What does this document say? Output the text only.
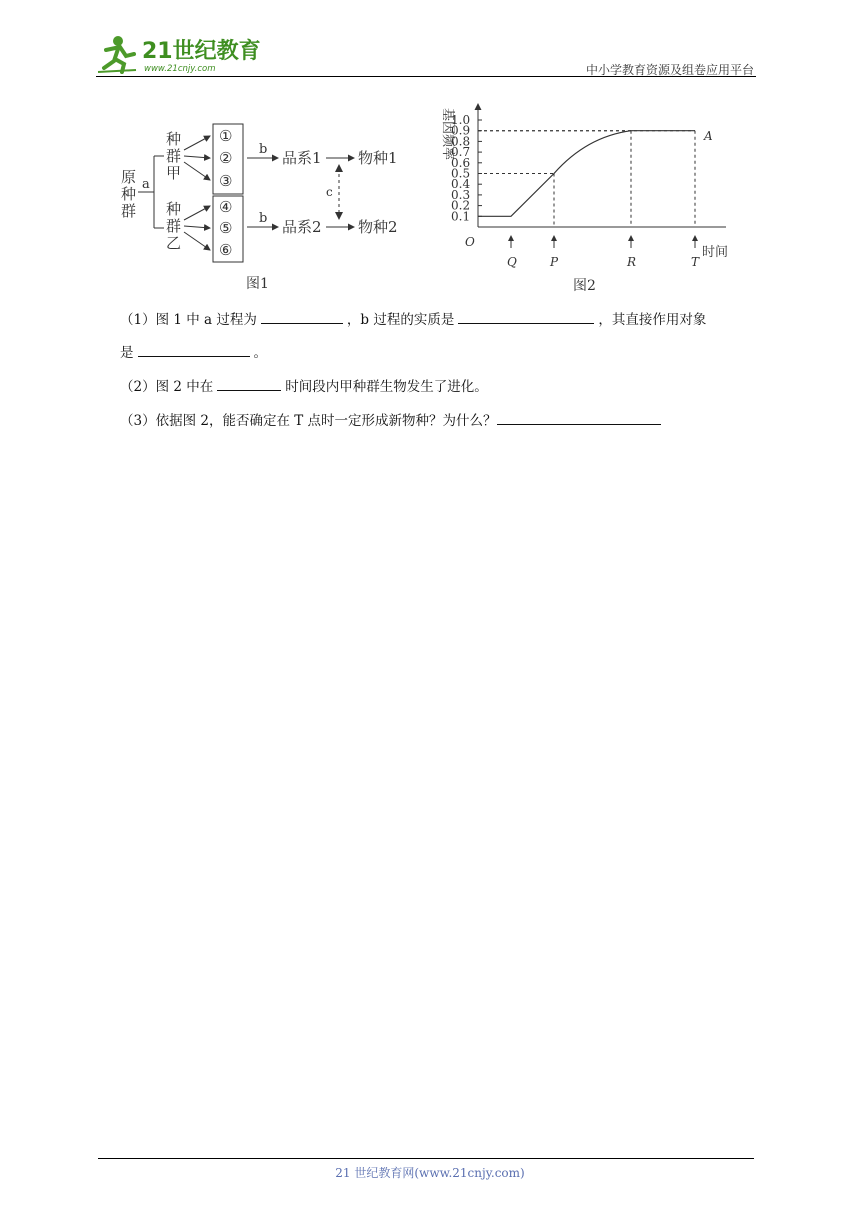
21世纪教育
www.21cnjy.com	中小学教育资源及组卷应用平台
原
种
群
a
种
群
甲
种
群
乙
①
②
③
④
⑤
⑥
b
b
品系1
品系2
物种1
物种2
c
图1
基因频率
O
时间
0.1
0.2
0.3
0.4
0.5
0.6
0.7
0.8
0.9
1.0
Q	P	R	T
A
图2
（1）图 1 中 a 过程为	，b 过程的实质是	，其直接作用对象
是	。
（2）图 2 中在	时间段内甲种群生物发生了进化。
（3）依据图 2，能否确定在 T 点时一定形成新物种？为什么？
21 世纪教育网(www.21cnjy.com)
